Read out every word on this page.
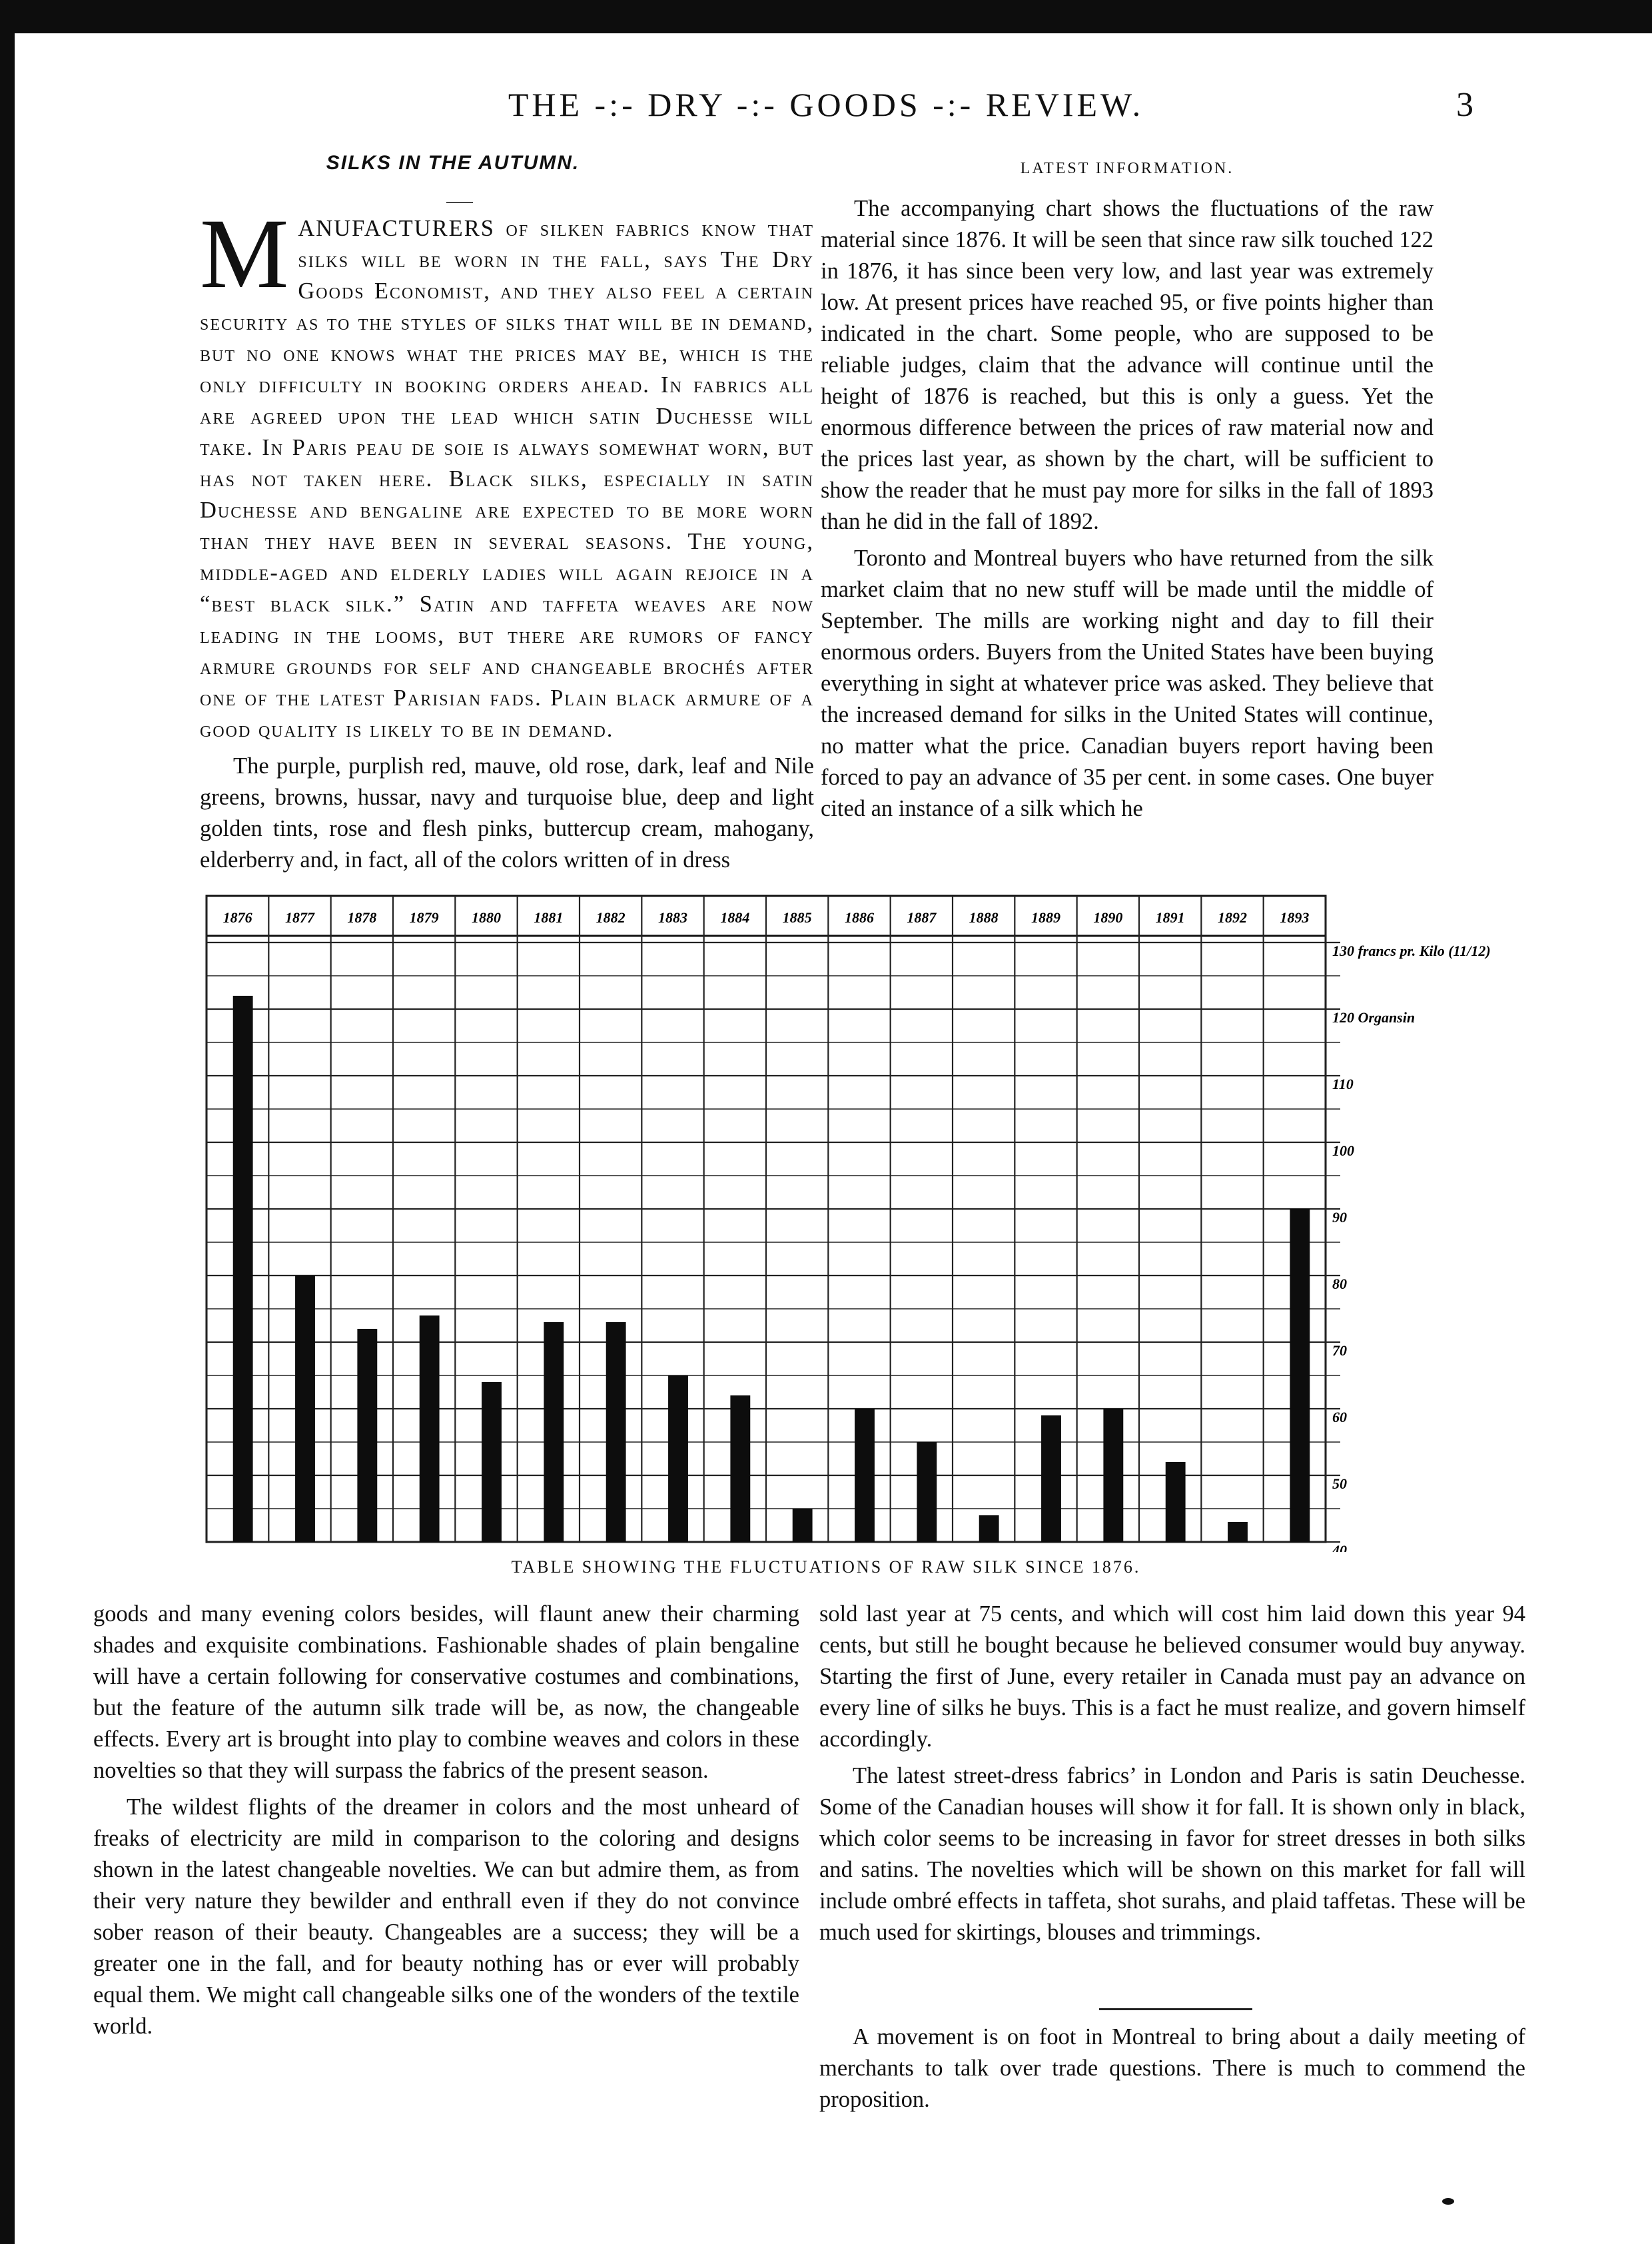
THE -:- DRY -:- GOODS -:- REVIEW.	3
SILKS IN THE AUTUMN.

MANUFACTURERS of silken fabrics know that silks will be worn in the fall, says The Dry Goods Economist, and they also feel a certain security as to the styles of silks that will be in demand, but no one knows what the prices may be, which is the only difficulty in booking orders ahead. In fabrics all are agreed upon the lead which satin Duchesse will take. In Paris peau de soie is always somewhat worn, but has not taken here. Black silks, especially in satin Duchesse and bengaline are expected to be more worn than they have been in several seasons. The young, middle-aged and elderly ladies will again rejoice in a “best black silk.” Satin and taffeta weaves are now leading in the looms, but there are rumors of fancy armure grounds for self and changeable brochés after one of the latest Parisian fads. Plain black armure of a good quality is likely to be in demand.

The purple, purplish red, mauve, old rose, dark, leaf and Nile greens, browns, hussar, navy and turquoise blue, deep and light golden tints, rose and flesh pinks, buttercup cream, mahogany, elderberry and, in fact, all of the colors written of in dress

LATEST INFORMATION.

The accompanying chart shows the fluctuations of the raw material since 1876. It will be seen that since raw silk touched 122 in 1876, it has since been very low, and last year was extremely low. At present prices have reached 95, or five points higher than indicated in the chart. Some people, who are supposed to be reliable judges, claim that the advance will continue until the height of 1876 is reached, but this is only a guess. Yet the enormous difference between the prices of raw material now and the prices last year, as shown by the chart, will be sufficient to show the reader that he must pay more for silks in the fall of 1893 than he did in the fall of 1892.

Toronto and Montreal buyers who have returned from the silk market claim that no new stuff will be made until the middle of September. The mills are working night and day to fill their enormous orders. Buyers from the United States have been buying everything in sight at whatever price was asked. They believe that the increased demand for silks in the United States will continue, no matter what the price. Canadian buyers report having been forced to pay an advance of 35 per cent. in some cases. One buyer cited an instance of a silk which he

1876 1877 1878 1879 1880 1881 1882 1883 1884 1885 1886 1887 1888 1889 1890 1891 1892 1893
130 francs pr. Kilo (11/12)
120 Organsin
110
100
90
80
70
60
50
40
TABLE SHOWING THE FLUCTUATIONS OF RAW SILK SINCE 1876.

goods and many evening colors besides, will flaunt anew their charming shades and exquisite combinations. Fashionable shades of plain bengaline will have a certain following for conservative costumes and combinations, but the feature of the autumn silk trade will be, as now, the changeable effects. Every art is brought into play to combine weaves and colors in these novelties so that they will surpass the fabrics of the present season.

The wildest flights of the dreamer in colors and the most unheard of freaks of electricity are mild in comparison to the coloring and designs shown in the latest changeable novelties. We can but admire them, as from their very nature they bewilder and enthrall even if they do not convince sober reason of their beauty. Changeables are a success; they will be a greater one in the fall, and for beauty nothing has or ever will probably equal them. We might call changeable silks one of the wonders of the textile world.

sold last year at 75 cents, and which will cost him laid down this year 94 cents, but still he bought because he believed consumer would buy anyway. Starting the first of June, every retailer in Canada must pay an advance on every line of silks he buys. This is a fact he must realize, and govern himself accordingly.

The latest street-dress fabrics’ in London and Paris is satin Deuchesse. Some of the Canadian houses will show it for fall. It is shown only in black, which color seems to be increasing in favor for street dresses in both silks and satins. The novelties which will be shown on this market for fall will include ombré effects in taffeta, shot surahs, and plaid taffetas. These will be much used for skirtings, blouses and trimmings.

A movement is on foot in Montreal to bring about a daily meeting of merchants to talk over trade questions. There is much to commend the proposition.
